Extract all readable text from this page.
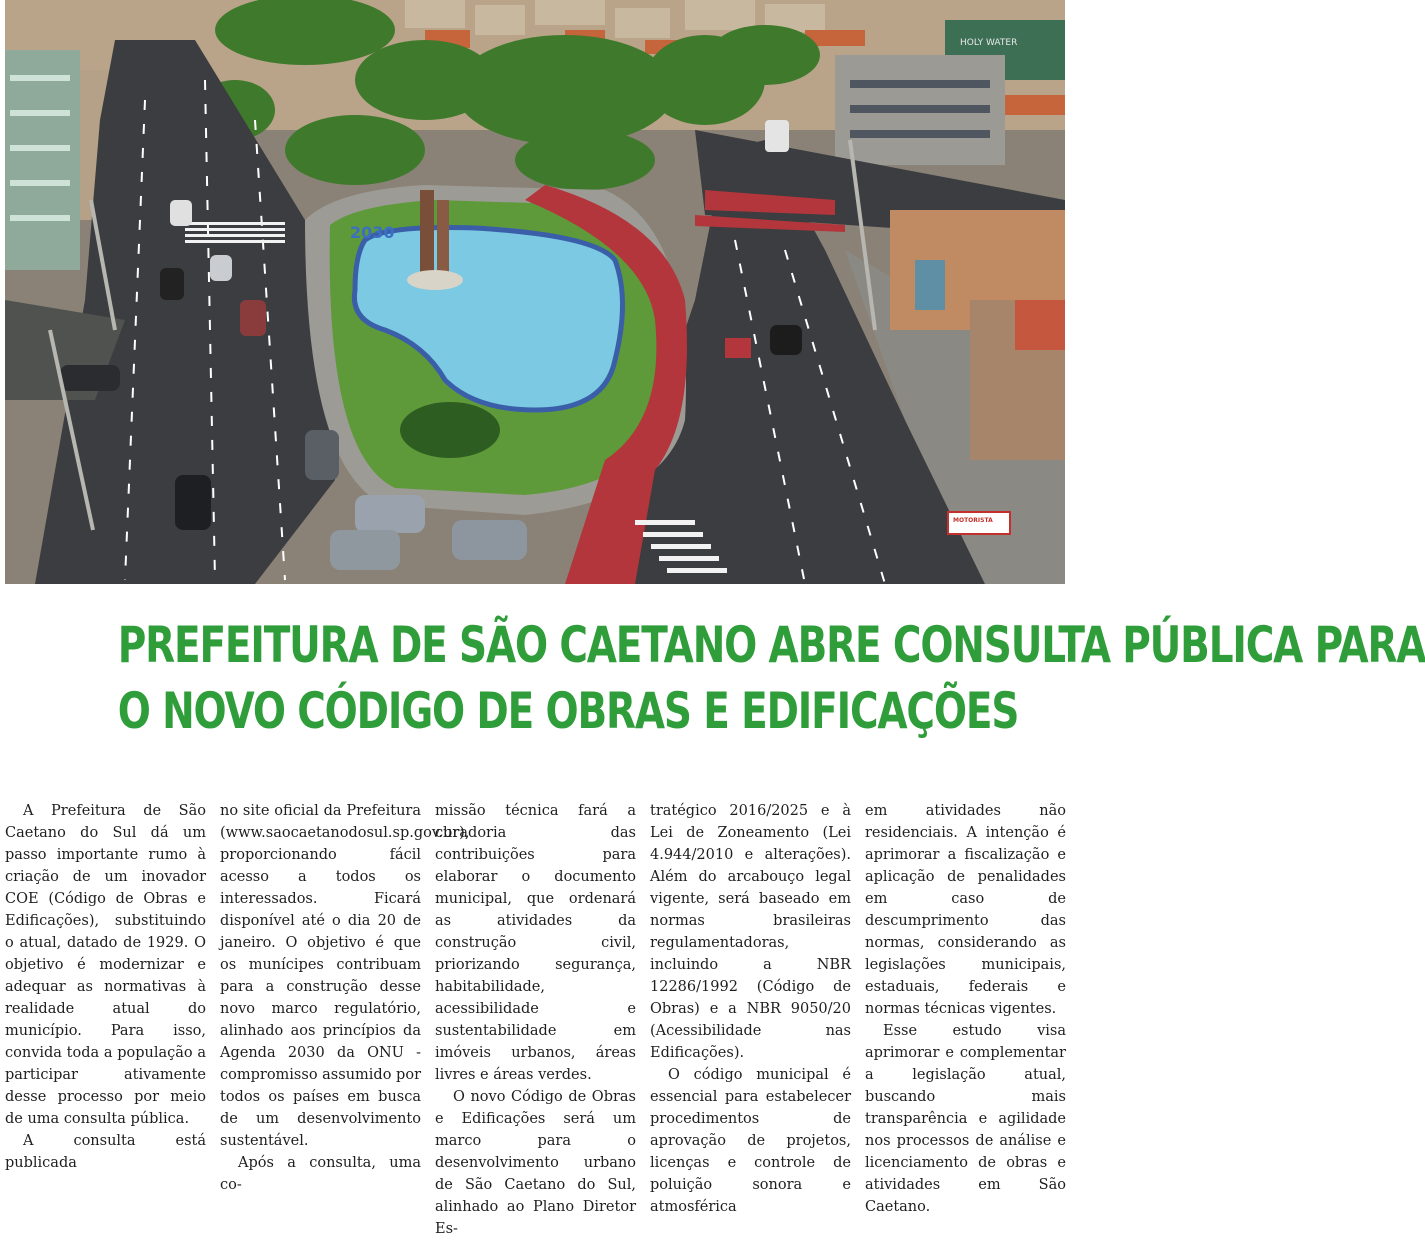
HOLY WATER
2030
MOTORISTA
PREFEITURA DE SÃO CAETANO ABRE CONSULTA PÚBLICA PARA
O NOVO CÓDIGO DE OBRAS E EDIFICAÇÕES

A Prefeitura de São Caetano do Sul dá um passo importante rumo à criação de um inovador COE (Código de Obras e Edificações), substituindo o atual, datado de 1929. O objetivo é modernizar e adequar as normativas à realidade atual do município. Para isso, convida toda a população a participar ativamente desse processo por meio de uma consulta pública.

A consulta está publicada

no site oficial da Prefeitura (www.saocaetanodosul.sp.gov.br), proporcionando fácil acesso a todos os interessados. Ficará disponível até o dia 20 de janeiro. O objetivo é que os munícipes contribuam para a construção desse novo marco regulatório, alinhado aos princípios da Agenda 2030 da ONU - compromisso assumido por todos os países em busca de um desenvolvimento sustentável.

Após a consulta, uma co-

missão técnica fará a curadoria das contribuições para elaborar o documento municipal, que ordenará as atividades da construção civil, priorizando segurança, habitabilidade, acessibilidade e sustentabilidade em imóveis urbanos, áreas livres e áreas verdes.

O novo Código de Obras e Edificações será um marco para o desenvolvimento urbano de São Caetano do Sul, alinhado ao Plano Diretor Es-

tratégico 2016/2025 e à Lei de Zoneamento (Lei 4.944/2010 e alterações). Além do arcabouço legal vigente, será baseado em normas brasileiras regulamentadoras, incluindo a NBR 12286/1992 (Código de Obras) e a NBR 9050/20 (Acessibilidade nas Edificações).

O código municipal é essencial para estabelecer procedimentos de aprovação de projetos, licenças e controle de poluição sonora e atmosférica

em atividades não residenciais. A intenção é aprimorar a fiscalização e aplicação de penalidades em caso de descumprimento das normas, considerando as legislações municipais, estaduais, federais e normas técnicas vigentes.

Esse estudo visa aprimorar e complementar a legislação atual, buscando mais transparência e agilidade nos processos de análise e licenciamento de obras e atividades em São Caetano.
